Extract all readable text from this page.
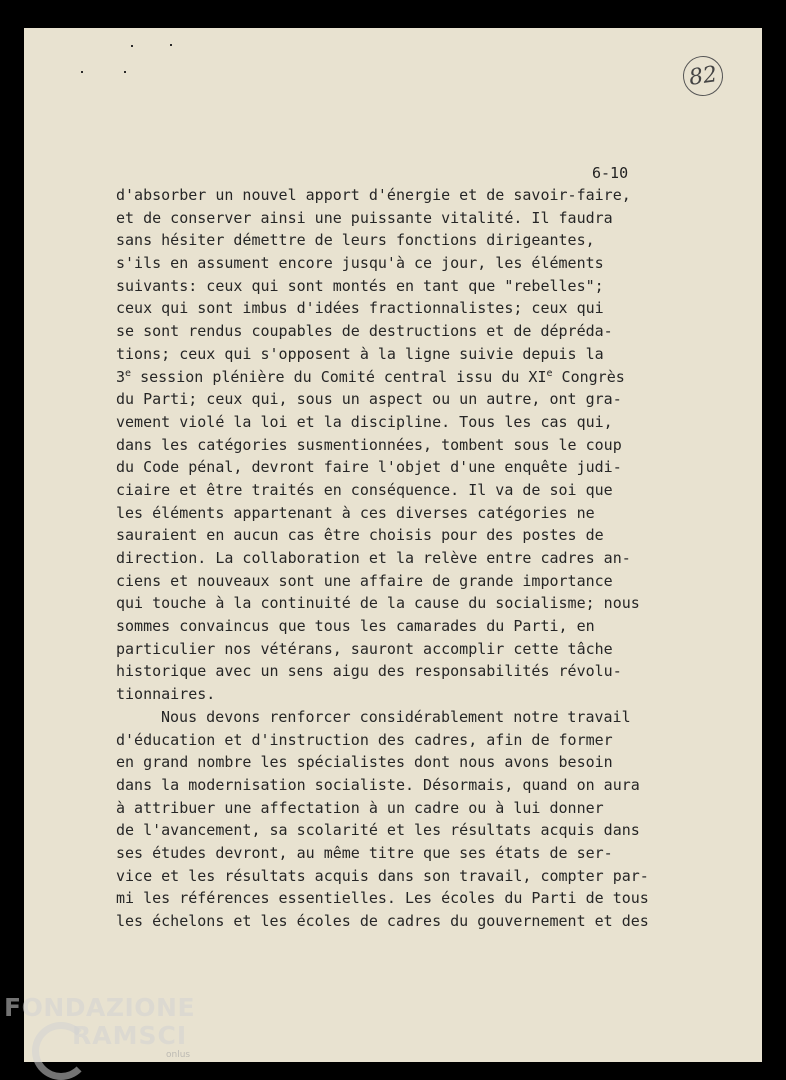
82
6-10
d'absorber un nouvel apport d'énergie et de savoir-faire,
et de conserver ainsi une puissante vitalité. Il faudra
sans hésiter démettre de leurs fonctions dirigeantes,
s'ils en assument encore jusqu'à ce jour, les éléments
suivants: ceux qui sont montés en tant que "rebelles";
ceux qui sont imbus d'idées fractionnalistes; ceux qui
se sont rendus coupables de destructions et de dépréda-
tions; ceux qui s'opposent à la ligne suivie depuis la
3e session plénière du Comité central issu du XIe Congrès
du Parti; ceux qui, sous un aspect ou un autre, ont gra-
vement violé la loi et la discipline. Tous les cas qui,
dans les catégories susmentionnées, tombent sous le coup
du Code pénal, devront faire l'objet d'une enquête judi-
ciaire et être traités en conséquence. Il va de soi que
les éléments appartenant à ces diverses catégories ne
sauraient en aucun cas être choisis pour des postes de
direction. La collaboration et la relève entre cadres an-
ciens et nouveaux sont une affaire de grande importance
qui touche à la continuité de la cause du socialisme; nous
sommes convaincus que tous les camarades du Parti, en
particulier nos vétérans, sauront accomplir cette tâche
historique avec un sens aigu des responsabilités révolu-
tionnaires.
Nous devons renforcer considérablement notre travail
d'éducation et d'instruction des cadres, afin de former
en grand nombre les spécialistes dont nous avons besoin
dans la modernisation socialiste. Désormais, quand on aura
à attribuer une affectation à un cadre ou à lui donner
de l'avancement, sa scolarité et les résultats acquis dans
ses études devront, au même titre que ses états de ser-
vice et les résultats acquis dans son travail, compter par-
mi les références essentielles. Les écoles du Parti de tous
les échelons et les écoles de cadres du gouvernement et des
FONDAZIONE
RAMSCI
onlus
